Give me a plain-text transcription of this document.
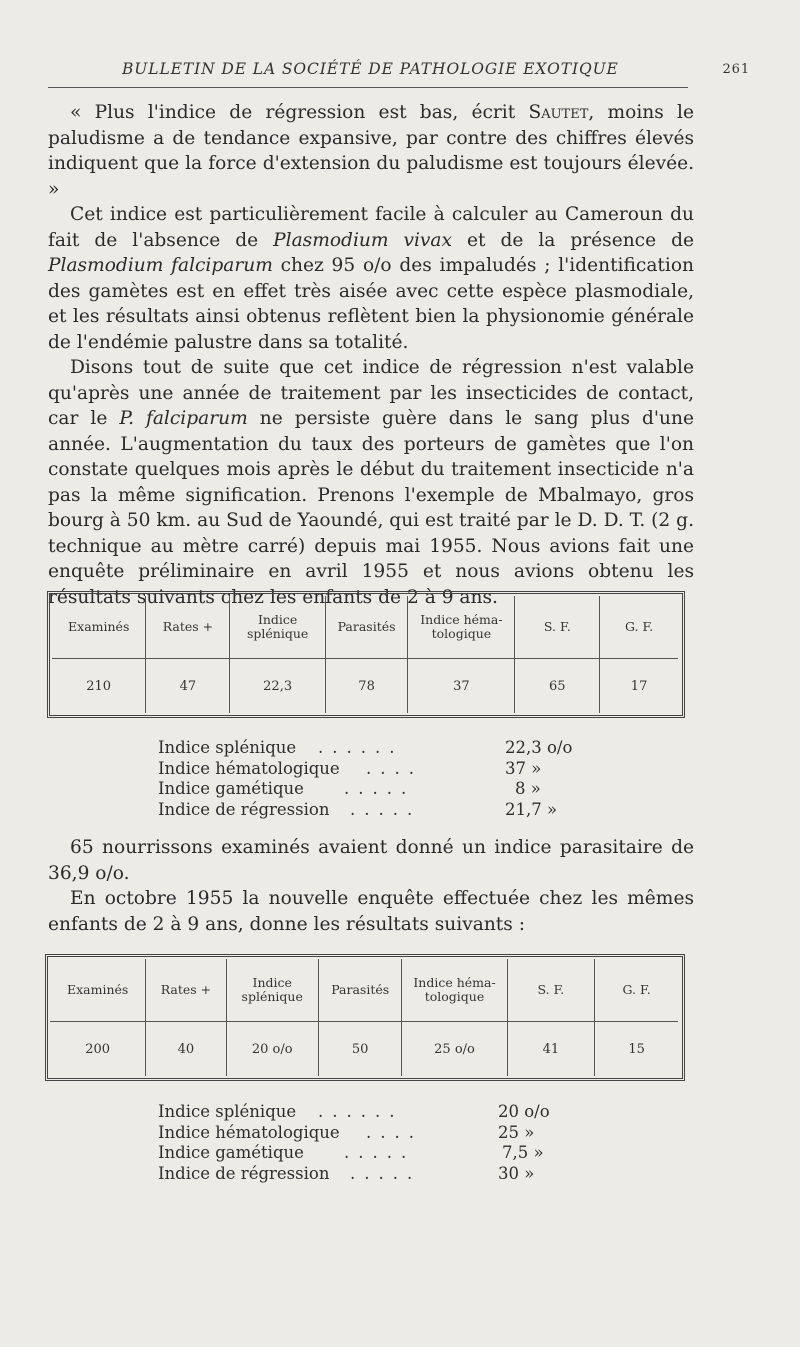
BULLETIN DE LA SOCIÉTÉ DE PATHOLOGIE EXOTIQUE	261

« Plus l'indice de régression est bas, écrit Sautet, moins le paludisme a de tendance expansive, par contre des chiffres élevés indiquent que la force d'extension du paludisme est toujours élevée. »

Cet indice est particulièrement facile à calculer au Cameroun du fait de l'absence de Plasmodium vivax et de la présence de Plasmodium falciparum chez 95 o/o des impaludés ; l'identification des gamètes est en effet très aisée avec cette espèce plasmodiale, et les résultats ainsi obtenus reflètent bien la physionomie générale de l'endémie palustre dans sa totalité.

Disons tout de suite que cet indice de régression n'est valable qu'après une année de traitement par les insecticides de contact, car le P. falciparum ne persiste guère dans le sang plus d'une année. L'augmentation du taux des porteurs de gamètes que l'on constate quelques mois après le début du traitement insecticide n'a pas la même signification. Prenons l'exemple de Mbalmayo, gros bourg à 50 km. au Sud de Yaoundé, qui est traité par le D. D. T. (2 g. technique au mètre carré) depuis mai 1955. Nous avions fait une enquête préliminaire en avril 1955 et nous avions obtenu les résultats suivants chez les enfants de 2 à 9 ans.

Examinés	Rates +	Indice splénique	Parasités	Indice héma- tologique	S. F.	G. F.
210	47	22,3	78	37	65	17
Indice splénique ......	22,3 o/o
Indice hématologique ....	37 »
Indice gamétique .....	8 »
Indice de régression .....	21,7 »

65 nourrissons examinés avaient donné un indice parasitaire de 36,9 o/o.

En octobre 1955 la nouvelle enquête effectuée chez les mêmes enfants de 2 à 9 ans, donne les résultats suivants :

Examinés	Rates +	Indice splénique	Parasités	Indice héma- tologique	S. F.	G. F.
200	40	20 o/o	50	25 o/o	41	15
Indice splénique ......	20 o/o
Indice hématologique ....	25 »
Indice gamétique .....	7,5 »
Indice de régression .....	30 »
